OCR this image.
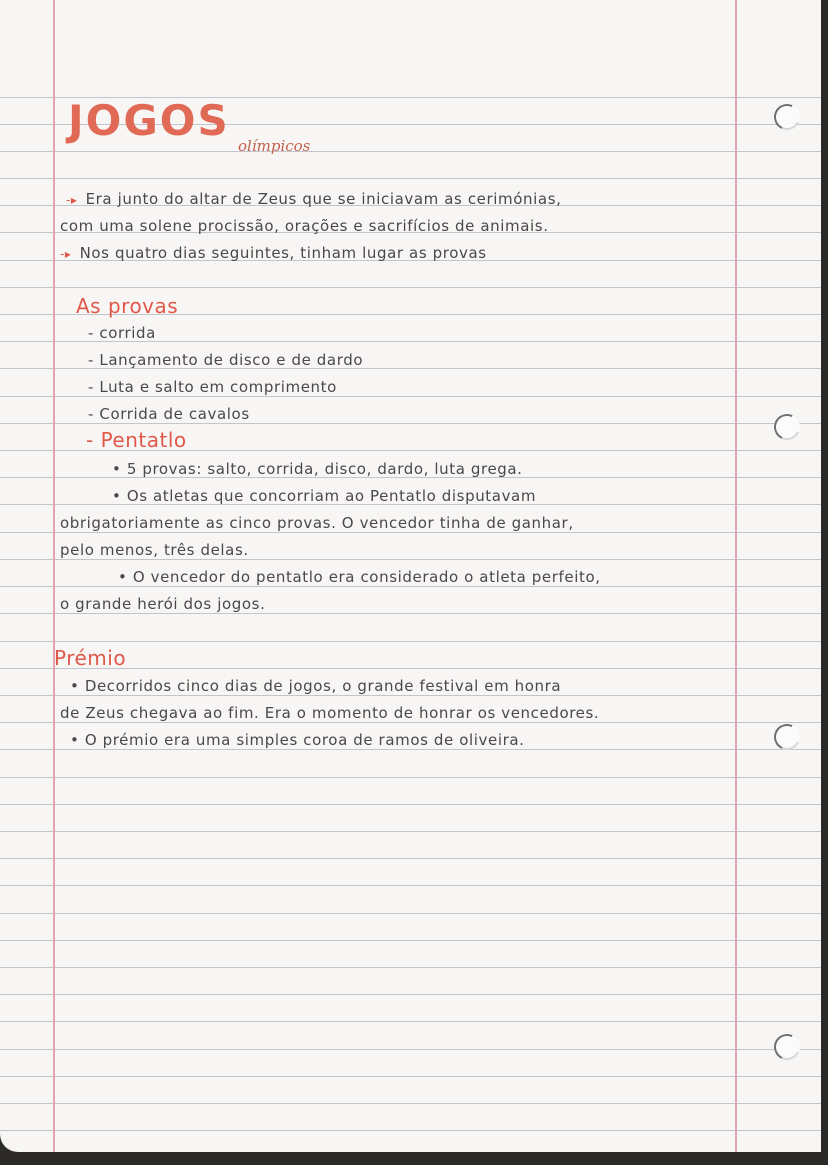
JOGOS
olímpicos
-▸ Era junto do altar de Zeus que se iniciavam as cerimónias,
com uma solene procissão, orações e sacrifícios de animais.
-▸ Nos quatro dias seguintes, tinham lugar as provas
As provas
- corrida
- Lançamento de disco e de dardo
- Luta e salto em comprimento
- Corrida de cavalos
- Pentatlo
• 5 provas: salto, corrida, disco, dardo, luta grega.
• Os atletas que concorriam ao Pentatlo disputavam
obrigatoriamente as cinco provas. O vencedor tinha de ganhar,
pelo menos, três delas.
• O vencedor do pentatlo era considerado o atleta perfeito,
o grande herói dos jogos.
Prémio
• Decorridos cinco dias de jogos, o grande festival em honra
de Zeus chegava ao fim. Era o momento de honrar os vencedores.
• O prémio era uma simples coroa de ramos de oliveira.
